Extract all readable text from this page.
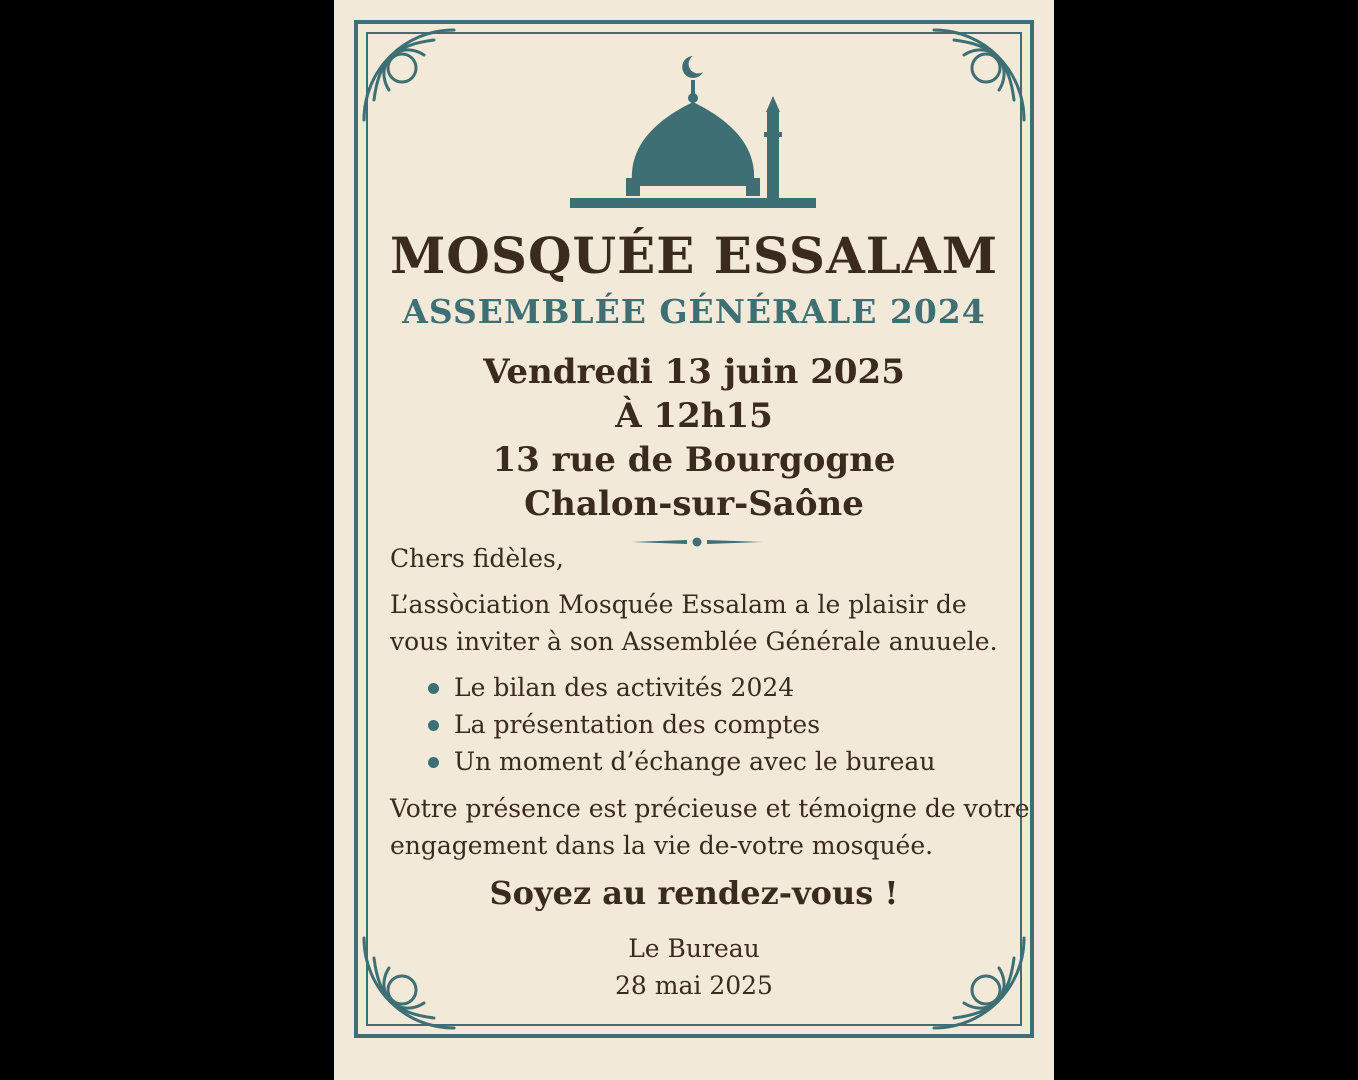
MOSQUÉE ESSALAM
ASSEMBLÉE GÉNÉRALE 2024
Vendredi 13 juin 2025
À 12h15
13 rue de Bourgogne
Chalon-sur-Saône
Chers fidèles,
L’assòciation Mosquée Essalam a le plaisir de vous inviter à son Assemblée Générale anuuele.
Le bilan des activités 2024
La présentation des comptes
Un moment d’échange avec le bureau
Votre présence est précieuse et témoigne de votre engagement dans la vie de-votre mosquée.
Soyez au rendez-vous !
Le Bureau
28 mai 2025
